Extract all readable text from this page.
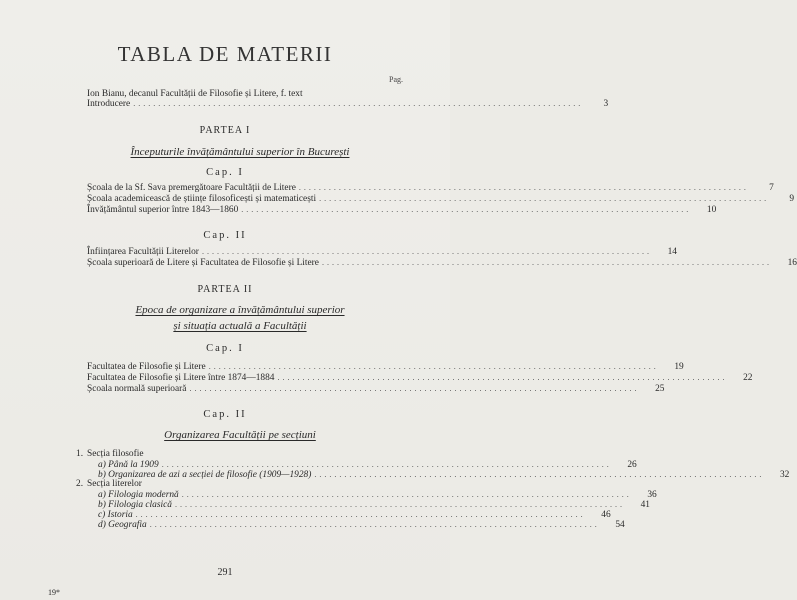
TABLA DE MATERII
Pag.
Ion Bianu, decanul Facultății de Filosofie și Litere, f. text
Introducere ..........................................................................................	3
PARTEA I
Începuturile învățământului superior în București
Cap. I
Școala de la Sf. Sava premergătoare Facultății de Litere ..........................................................................................	7
Școala academicească de științe filosoficești și matematicești ..........................................................................................	9
Învățământul superior între 1843—1860 ..........................................................................................	10
Cap. II
Înființarea Facultății Literelor ..........................................................................................	14
Școala superioară de Litere și Facultatea de Filosofie și Litere ..........................................................................................	16
PARTEA II
Epoca de organizare a învățământului superior
și situația actuală a Facultății
Cap. I
Facultatea de Filosofie și Litere ..........................................................................................	19
Facultatea de Filosofie și Litere între 1874—1884 ..........................................................................................	22
Școala normală superioară ..........................................................................................	25
Cap. II
Organizarea Facultății pe secțiuni
1. Secția filosofie
a) Până la 1909 ..........................................................................................	26
b) Organizarea de azi a secției de filosofie (1909—1928) ..........................................................................................	32
2. Secția literelor
a) Filologia modernă ..........................................................................................	36
b) Filologia clasică ..........................................................................................	41
c) Istoria ..........................................................................................	46
d) Geografia ..........................................................................................	54
291
19*
